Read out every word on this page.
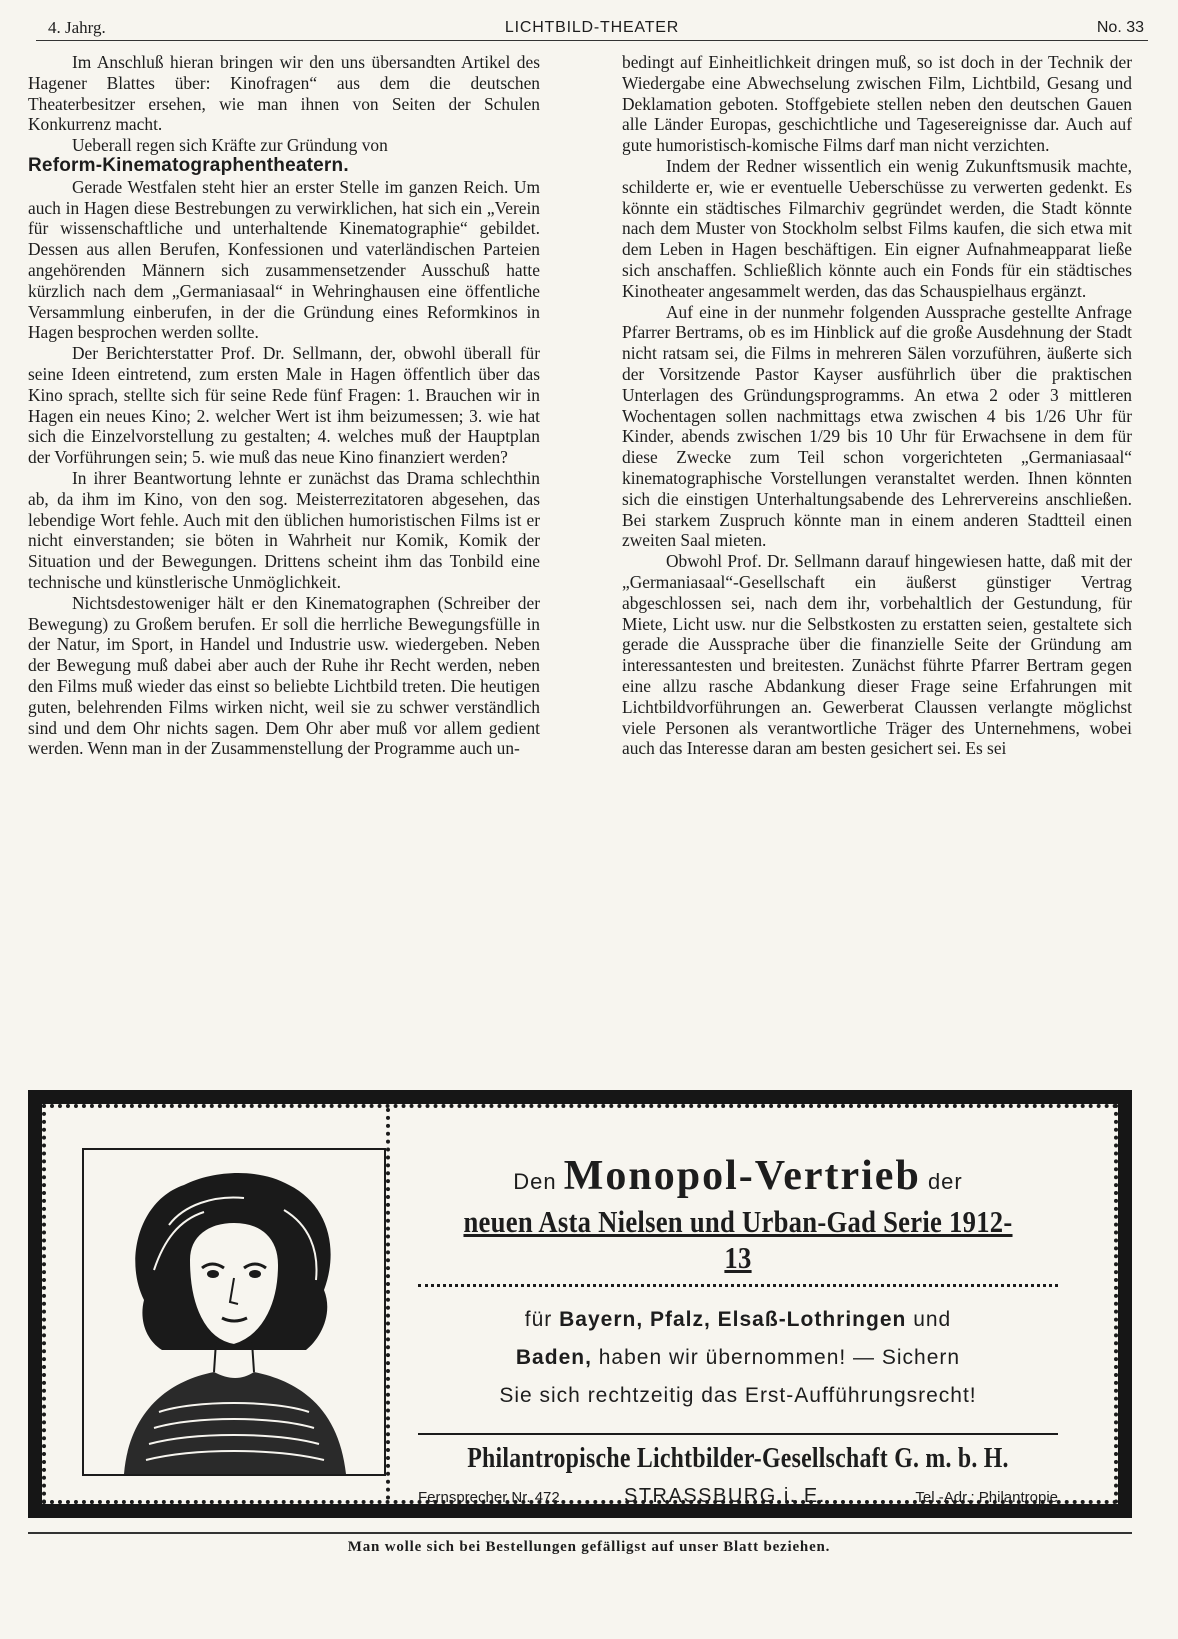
4. Jahrg.	LICHTBILD-THEATER	No. 33

Im Anschluß hieran bringen wir den uns übersandten Artikel des Hagener Blattes über: Kinofragen“ aus dem die deutschen Theaterbesitzer ersehen, wie man ihnen von Seiten der Schulen Konkurrenz macht.

Ueberall regen sich Kräfte zur Gründung von

Reform-Kinematographentheatern.

Gerade Westfalen steht hier an erster Stelle im ganzen Reich. Um auch in Hagen diese Bestrebungen zu verwirklichen, hat sich ein „Verein für wissenschaftliche und unterhaltende Kinematographie“ gebildet. Dessen aus allen Berufen, Konfessionen und vaterländischen Parteien angehörenden Männern sich zusammensetzender Ausschuß hatte kürzlich nach dem „Germaniasaal“ in Wehringhausen eine öffentliche Versammlung einberufen, in der die Gründung eines Reformkinos in Hagen besprochen werden sollte.

Der Berichterstatter Prof. Dr. Sellmann, der, obwohl überall für seine Ideen eintretend, zum ersten Male in Hagen öffentlich über das Kino sprach, stellte sich für seine Rede fünf Fragen: 1. Brauchen wir in Hagen ein neues Kino; 2. welcher Wert ist ihm beizumessen; 3. wie hat sich die Einzelvorstellung zu gestalten; 4. welches muß der Hauptplan der Vorführungen sein; 5. wie muß das neue Kino finanziert werden?

In ihrer Beantwortung lehnte er zunächst das Drama schlechthin ab, da ihm im Kino, von den sog. Meisterrezitatoren abgesehen, das lebendige Wort fehle. Auch mit den üblichen humoristischen Films ist er nicht einverstanden; sie böten in Wahrheit nur Komik, Komik der Situation und der Bewegungen. Drittens scheint ihm das Tonbild eine technische und künstlerische Unmöglichkeit.

Nichtsdestoweniger hält er den Kinematographen (Schreiber der Bewegung) zu Großem berufen. Er soll die herrliche Bewegungsfülle in der Natur, im Sport, in Handel und Industrie usw. wiedergeben. Neben der Bewegung muß dabei aber auch der Ruhe ihr Recht werden, neben den Films muß wieder das einst so beliebte Lichtbild treten. Die heutigen guten, belehrenden Films wirken nicht, weil sie zu schwer verständlich sind und dem Ohr nichts sagen. Dem Ohr aber muß vor allem gedient werden. Wenn man in der Zusammenstellung der Programme auch un-

bedingt auf Einheitlichkeit dringen muß, so ist doch in der Technik der Wiedergabe eine Abwechselung zwischen Film, Lichtbild, Gesang und Deklamation geboten. Stoffgebiete stellen neben den deutschen Gauen alle Länder Europas, geschichtliche und Tagesereignisse dar. Auch auf gute humoristisch-komische Films darf man nicht verzichten.

Indem der Redner wissentlich ein wenig Zukunftsmusik machte, schilderte er, wie er eventuelle Ueberschüsse zu verwerten gedenkt. Es könnte ein städtisches Filmarchiv gegründet werden, die Stadt könnte nach dem Muster von Stockholm selbst Films kaufen, die sich etwa mit dem Leben in Hagen beschäftigen. Ein eigner Aufnahmeapparat ließe sich anschaffen. Schließlich könnte auch ein Fonds für ein städtisches Kinotheater angesammelt werden, das das Schauspielhaus ergänzt.

Auf eine in der nunmehr folgenden Aussprache gestellte Anfrage Pfarrer Bertrams, ob es im Hinblick auf die große Ausdehnung der Stadt nicht ratsam sei, die Films in mehreren Sälen vorzuführen, äußerte sich der Vorsitzende Pastor Kayser ausführlich über die praktischen Unterlagen des Gründungsprogramms. An etwa 2 oder 3 mittleren Wochentagen sollen nachmittags etwa zwischen 4 bis 1/26 Uhr für Kinder, abends zwischen 1/29 bis 10 Uhr für Erwachsene in dem für diese Zwecke zum Teil schon vorgerichteten „Germaniasaal“ kinematographische Vorstellungen veranstaltet werden. Ihnen könnten sich die einstigen Unterhaltungsabende des Lehrervereins anschließen. Bei starkem Zuspruch könnte man in einem anderen Stadtteil einen zweiten Saal mieten.

Obwohl Prof. Dr. Sellmann darauf hingewiesen hatte, daß mit der „Germaniasaal“-Gesellschaft ein äußerst günstiger Vertrag abgeschlossen sei, nach dem ihr, vorbehaltlich der Gestundung, für Miete, Licht usw. nur die Selbstkosten zu erstatten seien, gestaltete sich gerade die Aussprache über die finanzielle Seite der Gründung am interessantesten und breitesten. Zunächst führte Pfarrer Bertram gegen eine allzu rasche Abdankung dieser Frage seine Erfahrungen mit Lichtbildvorführungen an. Gewerberat Claussen verlangte möglichst viele Personen als verantwortliche Träger des Unternehmens, wobei auch das Interesse daran am besten gesichert sei. Es sei

Den Monopol-Vertrieb der
neuen Asta Nielsen und Urban-Gad Serie 1912-13
für Bayern, Pfalz, Elsaß-Lothringen und
Baden, haben wir übernommen! — Sichern
Sie sich rechtzeitig das Erst-Aufführungsrecht!
Philantropische Lichtbilder-Gesellschaft G. m. b. H.
Fernsprecher Nr. 472	STRASSBURG i. E.	Tel.-Adr.: Philantropie
Man wolle sich bei Bestellungen gefälligst auf unser Blatt beziehen.
